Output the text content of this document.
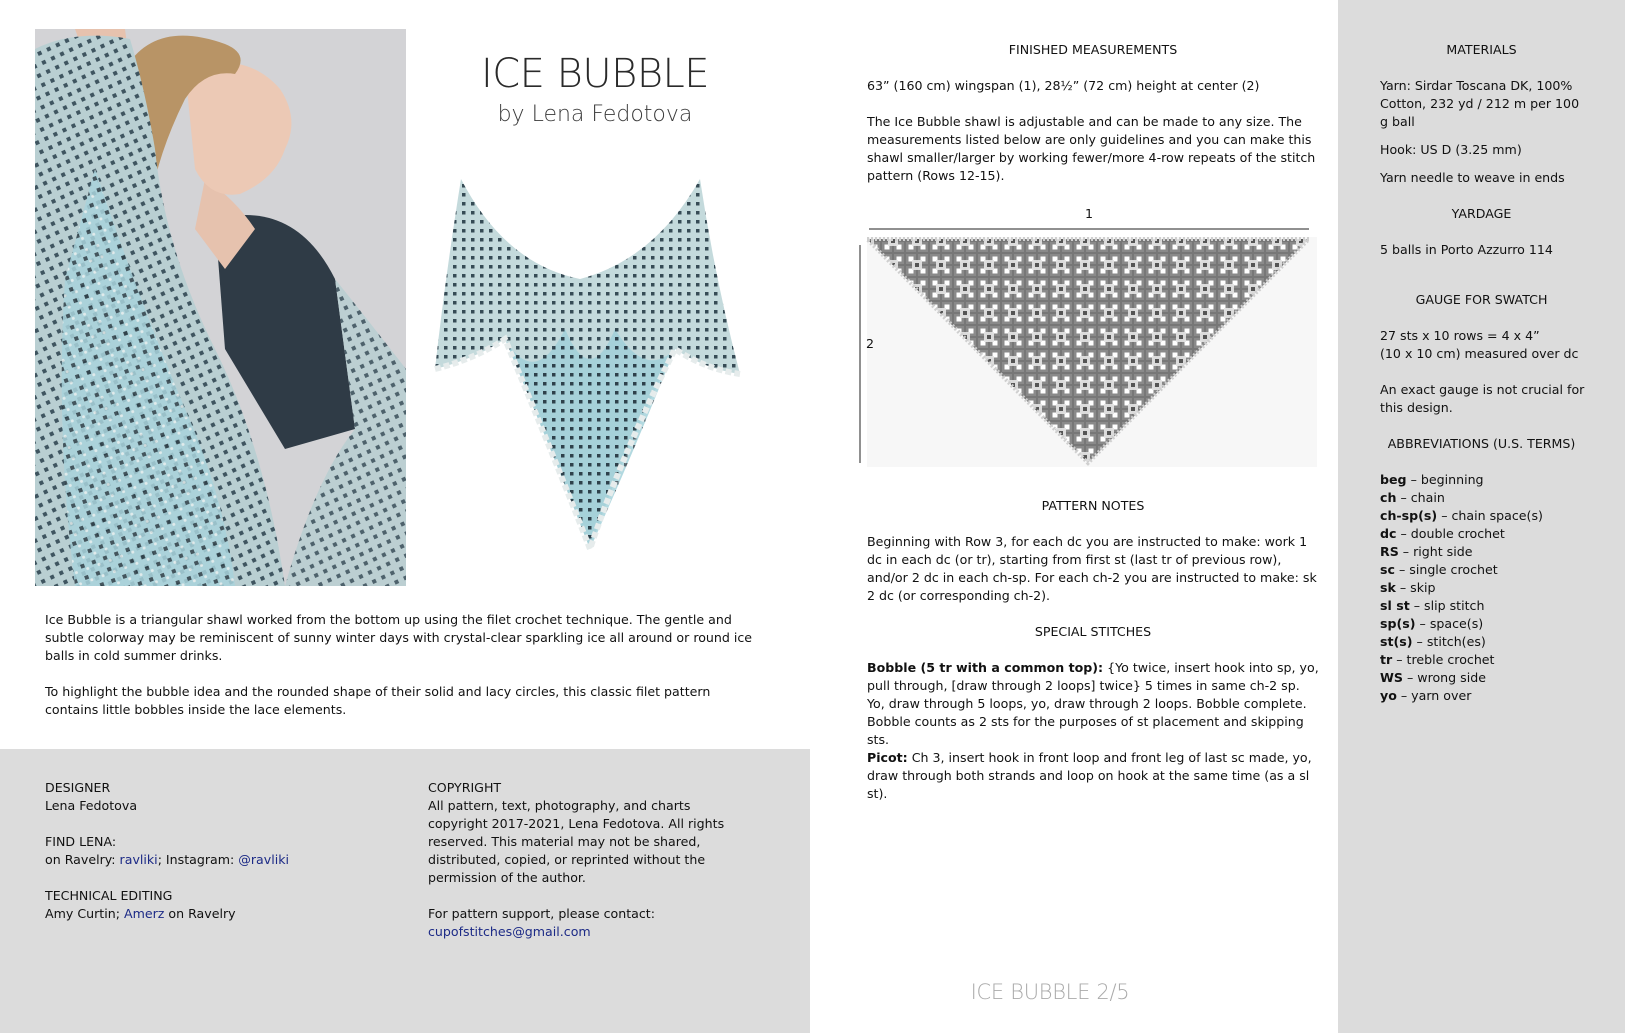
ICE BUBBLE
by Lena Fedotova

Ice Bubble is a triangular shawl worked from the bottom up using the filet crochet technique. The gentle and subtle colorway may be reminiscent of sunny winter days with crystal-clear sparkling ice all around or round ice balls in cold summer drinks.

To highlight the bubble idea and the rounded shape of their solid and lacy circles, this classic filet pattern contains little bobbles inside the lace elements.

DESIGNER
Lena Fedotova
FIND LENA:
on Ravelry: ravliki; Instagram: @ravliki
TECHNICAL EDITING
Amy Curtin; Amerz on Ravelry
COPYRIGHT
All pattern, text, photography, and charts copyright 2017-2021, Lena Fedotova. All rights reserved. This material may not be shared, distributed, copied, or reprinted without the permission of the author.
For pattern support, please contact:
cupofstitches@gmail.com
FINISHED MEASUREMENTS
63” (160 cm) wingspan (1), 28½” (72 cm) height at center (2)
The Ice Bubble shawl is adjustable and can be made to any size. The measurements listed below are only guidelines and you can make this shawl smaller/larger by working fewer/more 4-row repeats of the stitch pattern (Rows 12-15).
1
2
PATTERN NOTES
Beginning with Row 3, for each dc you are instructed to make: work 1 dc in each dc (or tr), starting from first st (last tr of previous row), and/or 2 dc in each ch-sp. For each ch-2 you are instructed to make: sk 2 dc (or corresponding ch-2).
SPECIAL STITCHES
Bobble (5 tr with a common top): {Yo twice, insert hook into sp, yo, pull through, [draw through 2 loops] twice} 5 times in same ch-2 sp. Yo, draw through 5 loops, yo, draw through 2 loops. Bobble complete. Bobble counts as 2 sts for the purposes of st placement and skipping sts.
Picot: Ch 3, insert hook in front loop and front leg of last sc made, yo, draw through both strands and loop on hook at the same time (as a sl st).
ICE BUBBLE 2/5
MATERIALS
Yarn: Sirdar Toscana DK, 100% Cotton, 232 yd / 212 m per 100 g ball
Hook: US D (3.25 mm)
Yarn needle to weave in ends
YARDAGE
5 balls in Porto Azzurro 114
GAUGE FOR SWATCH
27 sts x 10 rows = 4 x 4”
(10 x 10 cm) measured over dc
An exact gauge is not crucial for this design.
ABBREVIATIONS (U.S. TERMS)
beg – beginning
ch – chain
ch-sp(s) – chain space(s)
dc – double crochet
RS – right side
sc – single crochet
sk – skip
sl st – slip stitch
sp(s) – space(s)
st(s) – stitch(es)
tr – treble crochet
WS – wrong side
yo – yarn over
